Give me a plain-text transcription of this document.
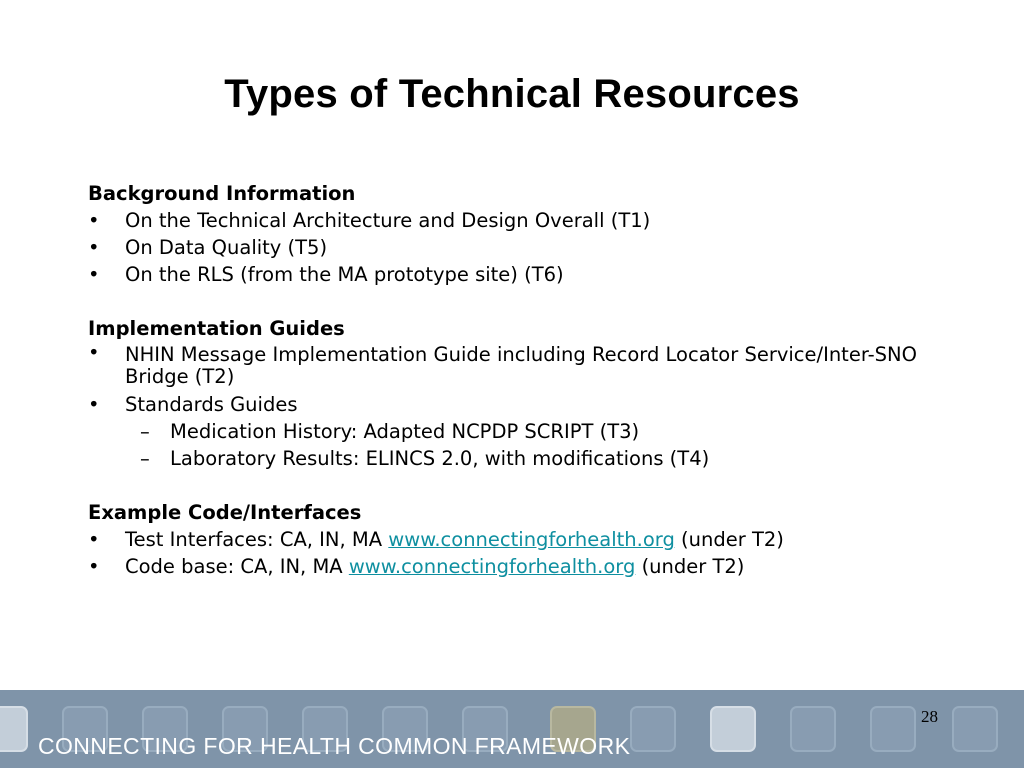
Types of Technical Resources
Background Information
• On the Technical Architecture and Design Overall (T1)
• On Data Quality (T5)
• On the RLS (from the MA prototype site) (T6)
Implementation Guides
• NHIN Message Implementation Guide including Record Locator Service/Inter-SNO Bridge (T2)
• Standards Guides
– Medication History: Adapted NCPDP SCRIPT (T3)
– Laboratory Results: ELINCS 2.0, with modifications (T4)
Example Code/Interfaces
• Test Interfaces: CA, IN, MA www.connectingforhealth.org (under T2)
• Code base: CA, IN, MA www.connectingforhealth.org (under T2)
28
CONNECTING FOR HEALTH COMMON FRAMEWORK
